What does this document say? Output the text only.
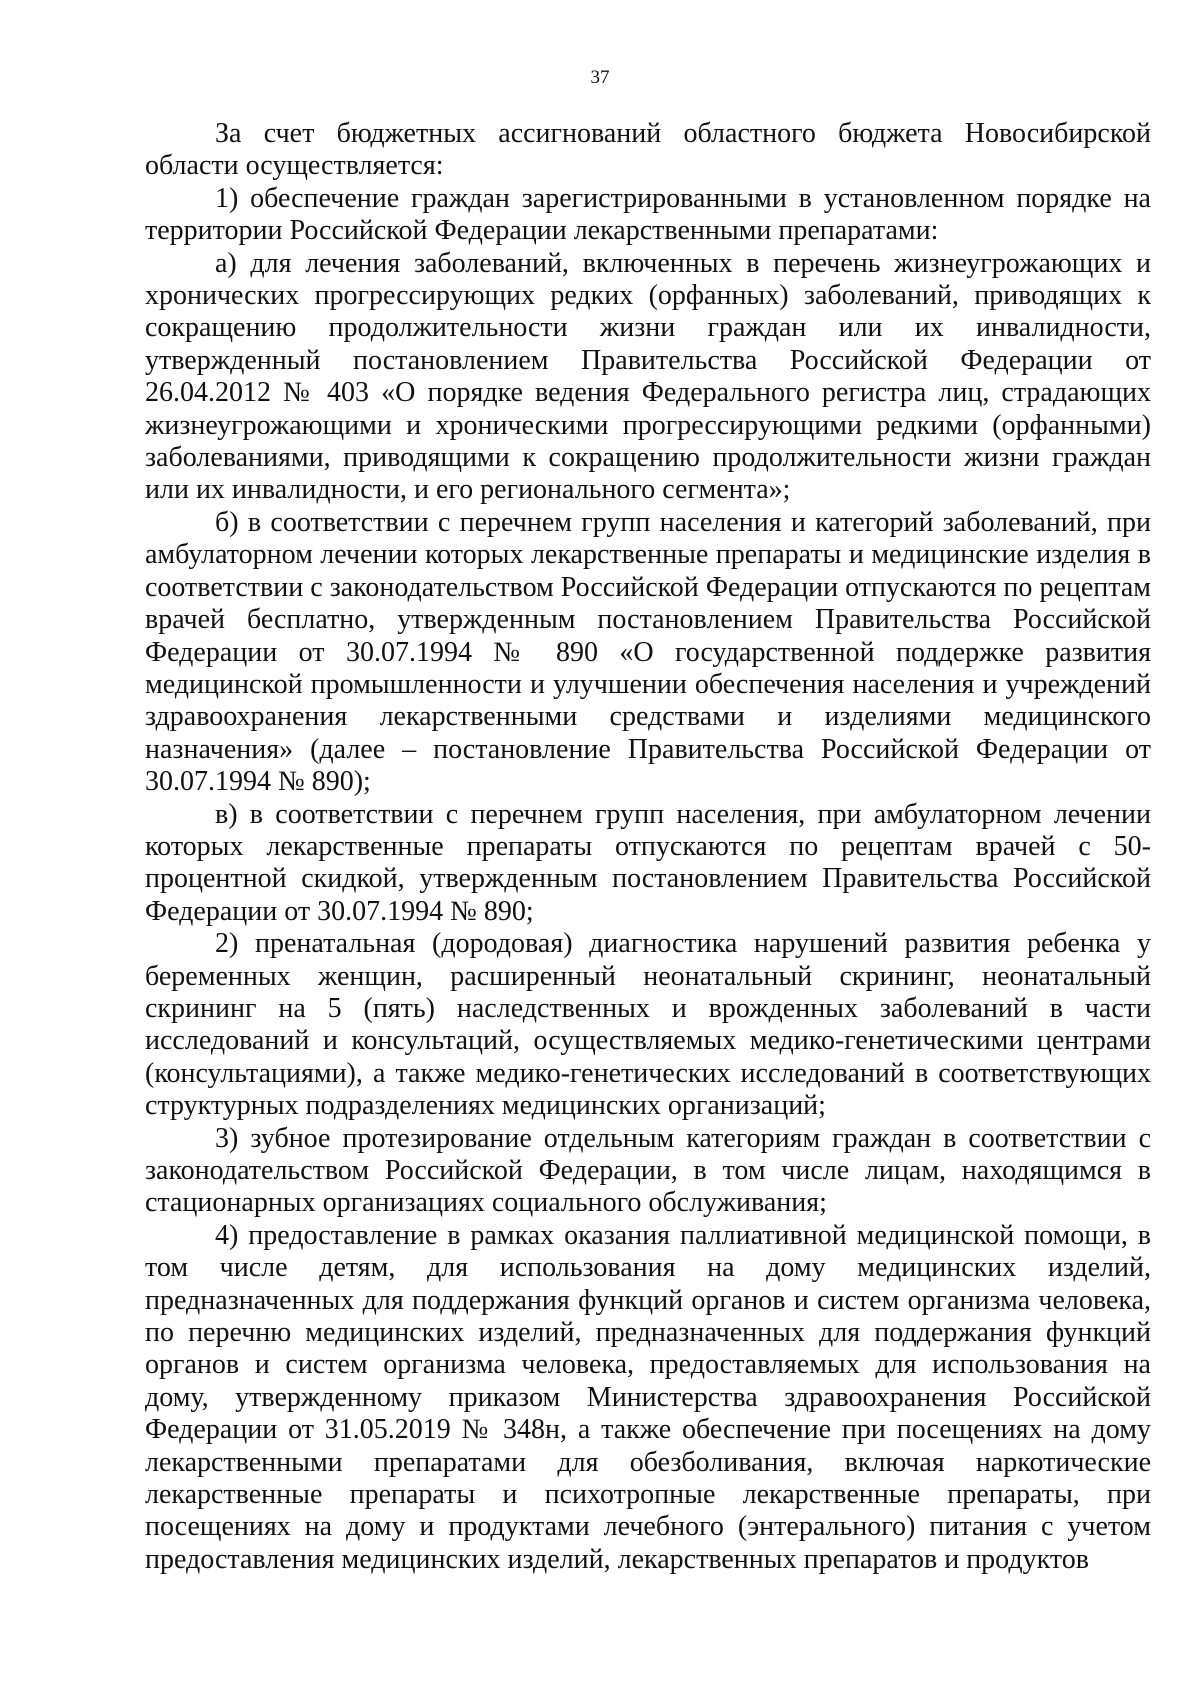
37

За счет бюджетных ассигнований областного бюджета Новосибирской области осуществляется:

1) обеспечение граждан зарегистрированными в установленном порядке на территории Российской Федерации лекарственными препаратами:

а) для лечения заболеваний, включенных в перечень жизнеугрожающих и хронических прогрессирующих редких (орфанных) заболеваний, приводящих к сокращению продолжительности жизни граждан или их инвалидности, утвержденный постановлением Правительства Российской Федерации от 26.04.2012 № 403 «О порядке ведения Федерального регистра лиц, страдающих жизнеугрожающими и хроническими прогрессирующими редкими (орфанными) заболеваниями, приводящими к сокращению продолжительности жизни граждан или их инвалидности, и его регионального сегмента»;

б) в соответствии с перечнем групп населения и категорий заболеваний, при амбулаторном лечении которых лекарственные препараты и медицинские изделия в соответствии с законодательством Российской Федерации отпускаются по рецептам врачей бесплатно, утвержденным постановлением Правительства Российской Федерации от 30.07.1994 № 890 «О государственной поддержке развития медицинской промышленности и улучшении обеспечения населения и учреждений здравоохранения лекарственными средствами и изделиями медицинского назначения» (далее – постановление Правительства Российской Федерации от 30.07.1994 № 890);

в) в соответствии с перечнем групп населения, при амбулаторном лечении которых лекарственные препараты отпускаются по рецептам врачей с 50-процентной скидкой, утвержденным постановлением Правительства Российской Федерации от 30.07.1994 № 890;

2) пренатальная (дородовая) диагностика нарушений развития ребенка у беременных женщин, расширенный неонатальный скрининг, неонатальный скрининг на 5 (пять) наследственных и врожденных заболеваний в части исследований и консультаций, осуществляемых медико-генетическими центрами (консультациями), а также медико-генетических исследований в соответствующих структурных подразделениях медицинских организаций;

3) зубное протезирование отдельным категориям граждан в соответствии с законодательством Российской Федерации, в том числе лицам, находящимся в стационарных организациях социального обслуживания;

4) предоставление в рамках оказания паллиативной медицинской помощи, в том числе детям, для использования на дому медицинских изделий, предназначенных для поддержания функций органов и систем организма человека, по перечню медицинских изделий, предназначенных для поддержания функций органов и систем организма человека, предоставляемых для использования на дому, утвержденному приказом Министерства здравоохранения Российской Федерации от 31.05.2019 № 348н, а также обеспечение при посещениях на дому лекарственными препаратами для обезболивания, включая наркотические лекарственные препараты и психотропные лекарственные препараты, при посещениях на дому и продуктами лечебного (энтерального) питания с учетом предоставления медицинских изделий, лекарственных препаратов и продуктов
